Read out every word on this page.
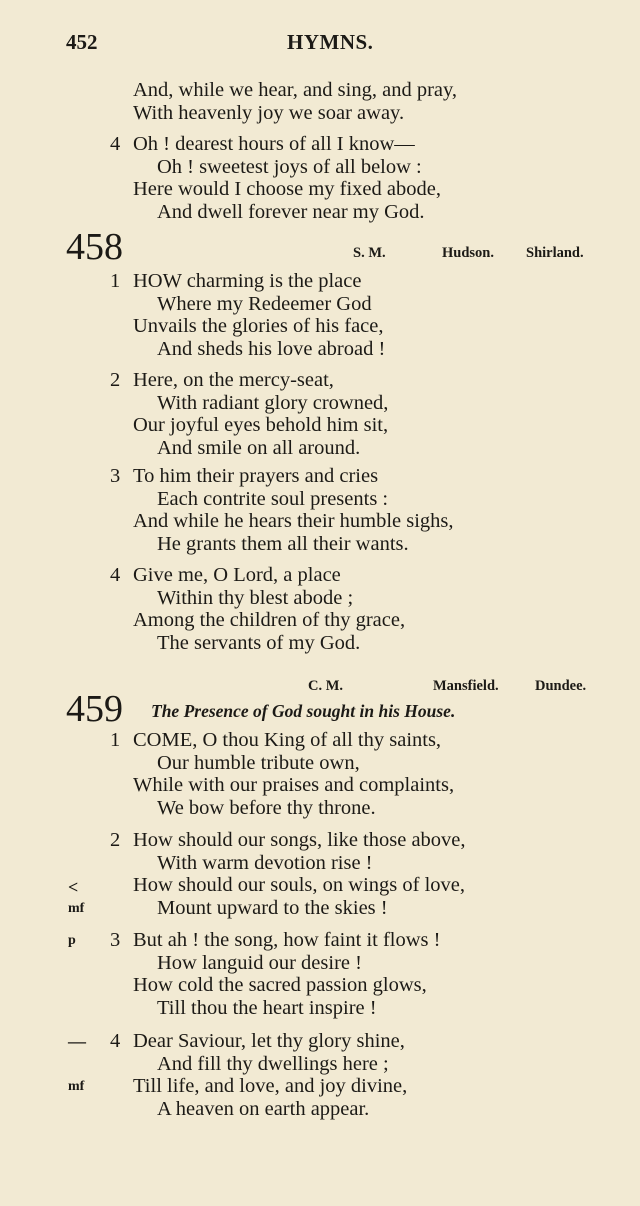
452	HYMNS.
458	S. M.	Hudson. Shirland.
C. M.	Mansfield.	Dundee.
459 The Presence of God sought in his House.
<
mf
p
—
mf
And, while we hear, and sing, and pray,
With heavenly joy we soar away.
4 Oh ! dearest hours of all I know—
Oh ! sweetest joys of all below :
Here would I choose my fixed abode,
And dwell forever near my God.
1 HOW charming is the place
Where my Redeemer God
Unvails the glories of his face,
And sheds his love abroad !
2 Here, on the mercy-seat,
With radiant glory crowned,
Our joyful eyes behold him sit,
And smile on all around.
3 To him their prayers and cries
Each contrite soul presents :
And while he hears their humble sighs,
He grants them all their wants.
4 Give me, O Lord, a place
Within thy blest abode ;
Among the children of thy grace,
The servants of my God.
1 COME, O thou King of all thy saints,
Our humble tribute own,
While with our praises and complaints,
We bow before thy throne.
2 How should our songs, like those above,
With warm devotion rise !
How should our souls, on wings of love,
Mount upward to the skies !
3 But ah ! the song, how faint it flows !
How languid our desire !
How cold the sacred passion glows,
Till thou the heart inspire !
4 Dear Saviour, let thy glory shine,
And fill thy dwellings here ;
Till life, and love, and joy divine,
A heaven on earth appear.
